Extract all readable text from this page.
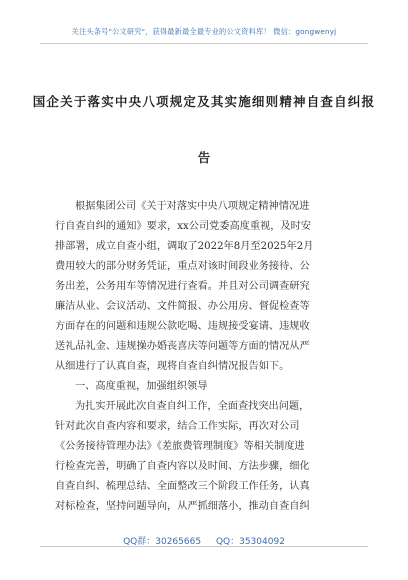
关注头条号"公文研究"，获得最新最全最专业的公文资料库！ 微信：gongwenyj
国企关于落实中央八项规定及其实施细则精神自查自纠报
告
根据集团公司《关于对落实中央八项规定精神情况进
行自查自纠的通知》要求，xx公司党委高度重视，及时安
排部署，成立自查小组，调取了2022年8月至2025年2月
费用较大的部分财务凭证，重点对该时间段业务接待、公
务出差，公务用车等情况进行查看。并且对公司调查研究
廉洁从业、会议活动、文件简报、办公用房、督促检查等
方面存在的问题和违规公款吃喝、违规接受宴请、违规收
送礼品礼金、违规操办婚丧喜庆等问题等方面的情况从严
从细进行了认真自查，现将自查自纠情况报告如下。
一、高度重视，加强组织领导
为扎实开展此次自查自纠工作，全面查找突出问题，
针对此次自查内容和要求，结合工作实际，再次对公司
《公务接待管理办法》《差旅费管理制度》等相关制度进
行检查完善，明确了自查内容以及时间、方法步骤，细化
自查自纠、梳理总结、全面整改三个阶段工作任务，认真
对标检查，坚持问题导向，从严抓细落小，推动自查自纠
QQ群：30265665 QQ：35304092
